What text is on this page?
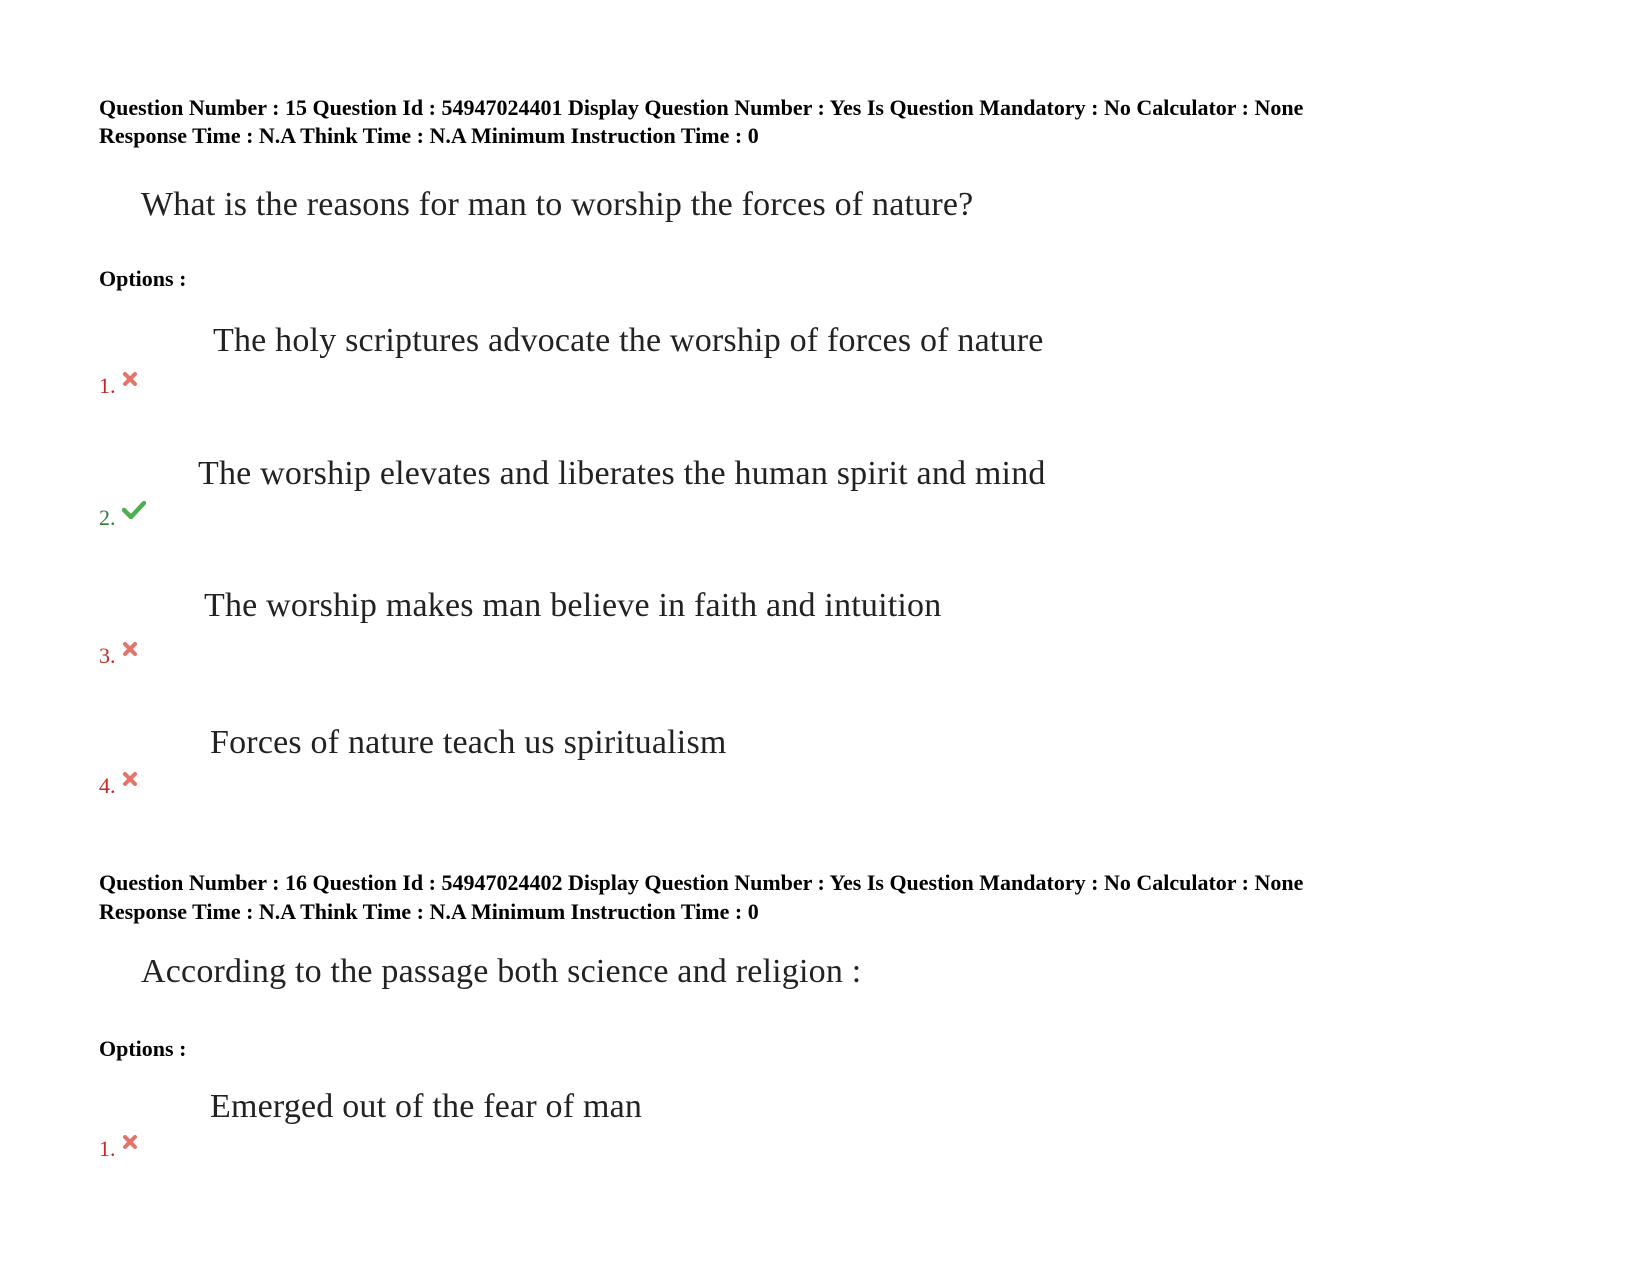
Question Number : 15 Question Id : 54947024401 Display Question Number : Yes Is Question Mandatory : No Calculator : None
Response Time : N.A Think Time : N.A Minimum Instruction Time : 0
What is the reasons for man to worship the forces of nature?
Options :
The holy scriptures advocate the worship of forces of nature
1.
The worship elevates and liberates the human spirit and mind
2.
The worship makes man believe in faith and intuition
3.
Forces of nature teach us spiritualism
4.
Question Number : 16 Question Id : 54947024402 Display Question Number : Yes Is Question Mandatory : No Calculator : None
Response Time : N.A Think Time : N.A Minimum Instruction Time : 0
According to the passage both science and religion :
Options :
Emerged out of the fear of man
1.
